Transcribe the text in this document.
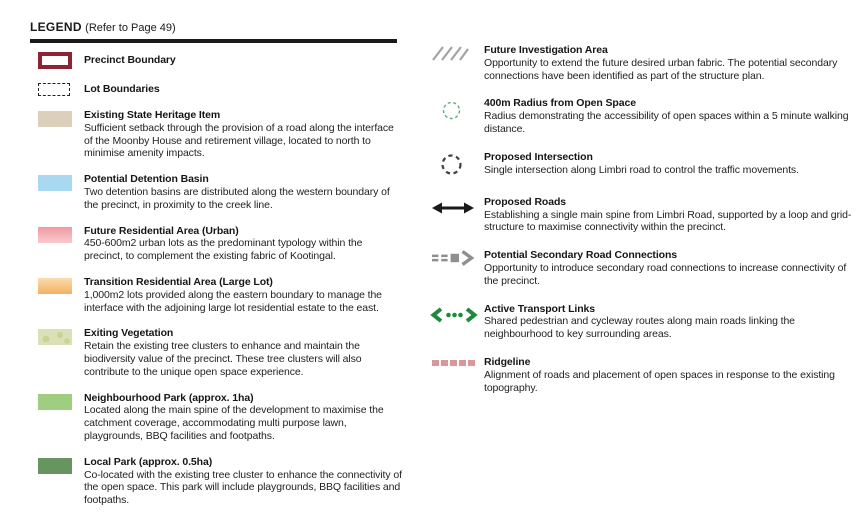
LEGEND (Refer to Page 49)
Precinct Boundary
Lot Boundaries
Existing State Heritage Item
Sufficient setback through the provision of a road along the interface of the Moonby House and retirement village, located to north to minimise amenity impacts.
Potential Detention Basin
Two detention basins are distributed along the western boundary of the precinct, in proximity to the creek line.
Future Residential Area (Urban)
450-600m2 urban lots as the predominant typology within the precinct, to complement the existing fabric of Kootingal.
Transition Residential Area (Large Lot)
1,000m2 lots provided along the eastern boundary to manage the interface with the adjoining large lot residential estate to the east.
Exiting Vegetation
Retain the existing tree clusters to enhance and maintain the biodiversity value of the precinct. These tree clusters will also contribute to the unique open space experience.
Neighbourhood Park (approx. 1ha)
Located along the main spine of the development to maximise the catchment coverage, accommodating multi purpose lawn, playgrounds, BBQ facilities and footpaths.
Local Park (approx. 0.5ha)
Co-located with the existing tree cluster to enhance the connectivity of the open space. This park will include playgrounds, BBQ facilities and footpaths.
Future Investigation Area
Opportunity to extend the future desired urban fabric. The potential secondary connections have been identified as part of the structure plan.
400m Radius from Open Space
Radius demonstrating the accessibility of open spaces within a 5 minute walking distance.
Proposed Intersection
Single intersection along Limbri road to control the traffic movements.
Proposed Roads
Establishing a single main spine from Limbri Road, supported by a loop and grid-structure to maximise connectivity within the precinct.
Potential Secondary Road Connections
Opportunity to introduce secondary road connections to increase connectivity of the precinct.
Active Transport Links
Shared pedestrian and cycleway routes along main roads linking the neighbourhood to key surrounding areas.
Ridgeline
Alignment of roads and placement of open spaces in response to the existing topography.
